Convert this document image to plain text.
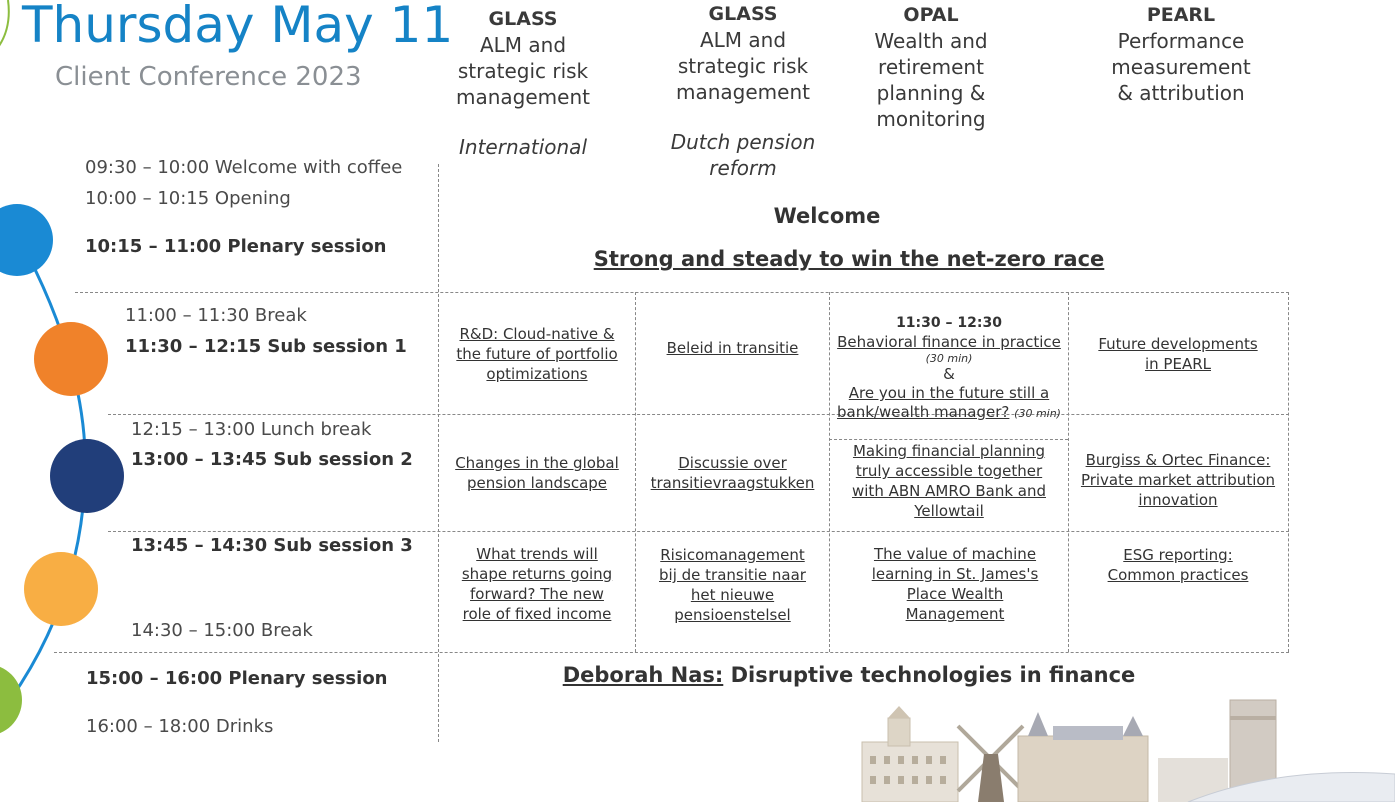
Thursday May 11
Client Conference 2023
GLASS
ALM and
strategic risk
management
International
GLASS
ALM and
strategic risk
management
Dutch pension
reform
OPAL
Wealth and
retirement
planning &
monitoring
PEARL
Performance
measurement
& attribution
09:30 – 10:00 Welcome with coffee
10:00 – 10:15 Opening
10:15 – 11:00 Plenary session
11:00 – 11:30 Break
11:30 – 12:15 Sub session 1
12:15 – 13:00 Lunch break
13:00 – 13:45 Sub session 2
13:45 – 14:30 Sub session 3
14:30 – 15:00 Break
15:00 – 16:00 Plenary session
16:00 – 18:00 Drinks
Welcome
Strong and steady to win the net-zero race
Deborah Nas: Disruptive technologies in finance
R&D: Cloud-native &
the future of portfolio
optimizations
Beleid in transitie
11:30 – 12:30
Behavioral finance in practice
(30 min)
&
Are you in the future still a
bank/wealth manager? (30 min)
Future developments
in PEARL
Changes in the global
pension landscape
Discussie over
transitievraagstukken
Making financial planning
truly accessible together
with ABN AMRO Bank and
Yellowtail
Burgiss & Ortec Finance:
Private market attribution
innovation
What trends will
shape returns going
forward? The new
role of fixed income
Risicomanagement
bij de transitie naar
het nieuwe
pensioenstelsel
The value of machine
learning in St. James's
Place Wealth
Management
ESG reporting:
Common practices
